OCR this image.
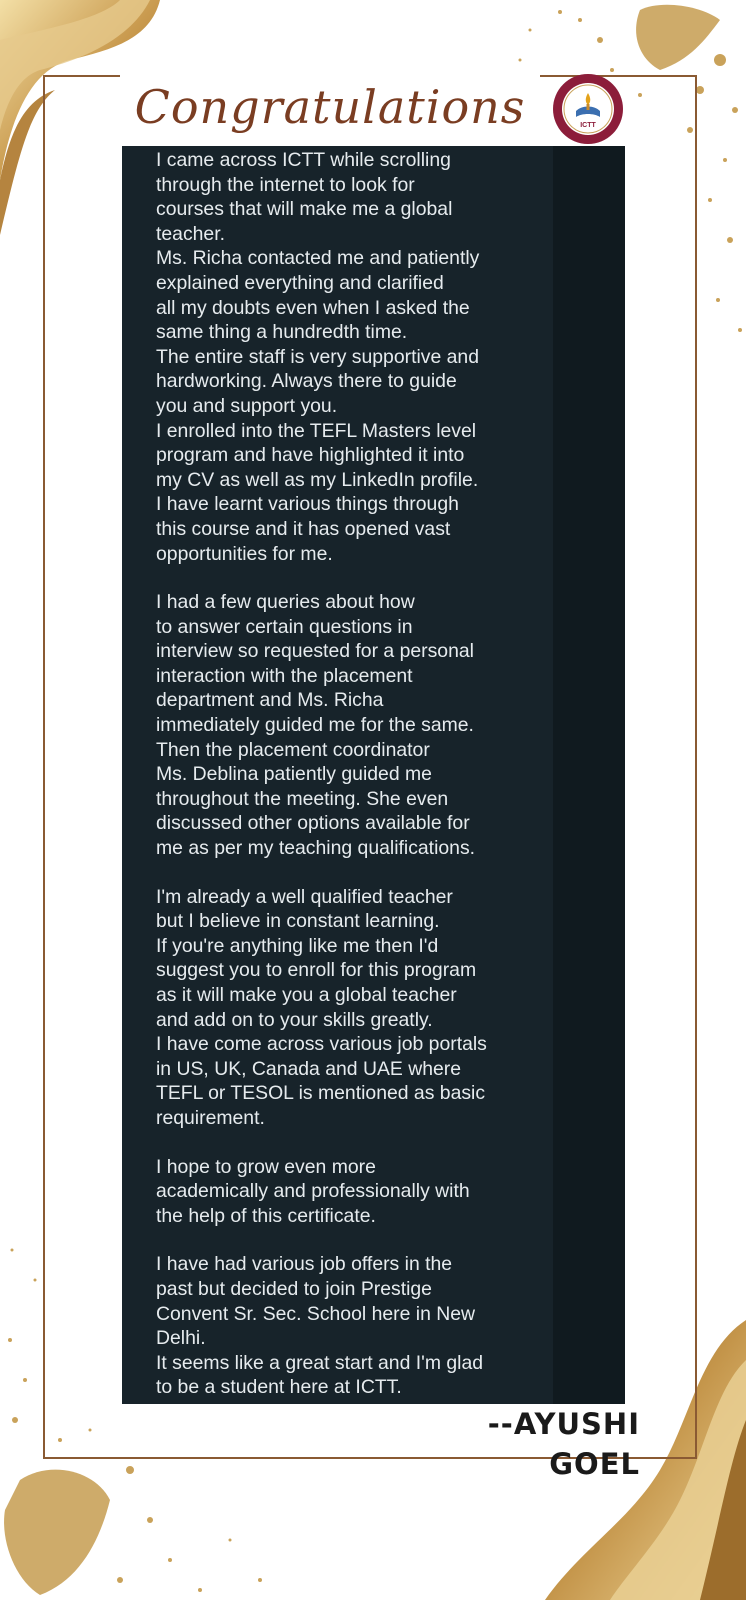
Congratulations	ICTT

I came across ICTT while scrolling
through the internet to look for
courses that will make me a global
teacher.
Ms. Richa contacted me and patiently
explained everything and clarified
all my doubts even when I asked the
same thing a hundredth time.
The entire staff is very supportive and
hardworking. Always there to guide
you and support you.
I enrolled into the TEFL Masters level
program and have highlighted it into
my CV as well as my LinkedIn profile.
I have learnt various things through
this course and it has opened vast
opportunities for me.

I had a few queries about how
to answer certain questions in
interview so requested for a personal
interaction with the placement
department and Ms. Richa
immediately guided me for the same.
Then the placement coordinator
Ms. Deblina patiently guided me
throughout the meeting. She even
discussed other options available for
me as per my teaching qualifications.

I'm already a well qualified teacher
but I believe in constant learning.
If you're anything like me then I'd
suggest you to enroll for this program
as it will make you a global teacher
and add on to your skills greatly.
I have come across various job portals
in US, UK, Canada and UAE where
TEFL or TESOL is mentioned as basic
requirement.

I hope to grow even more
academically and professionally with
the help of this certificate.

I have had various job offers in the
past but decided to join Prestige
Convent Sr. Sec. School here in New
Delhi.
It seems like a great start and I'm glad
to be a student here at ICTT.

--AYUSHI GOEL
